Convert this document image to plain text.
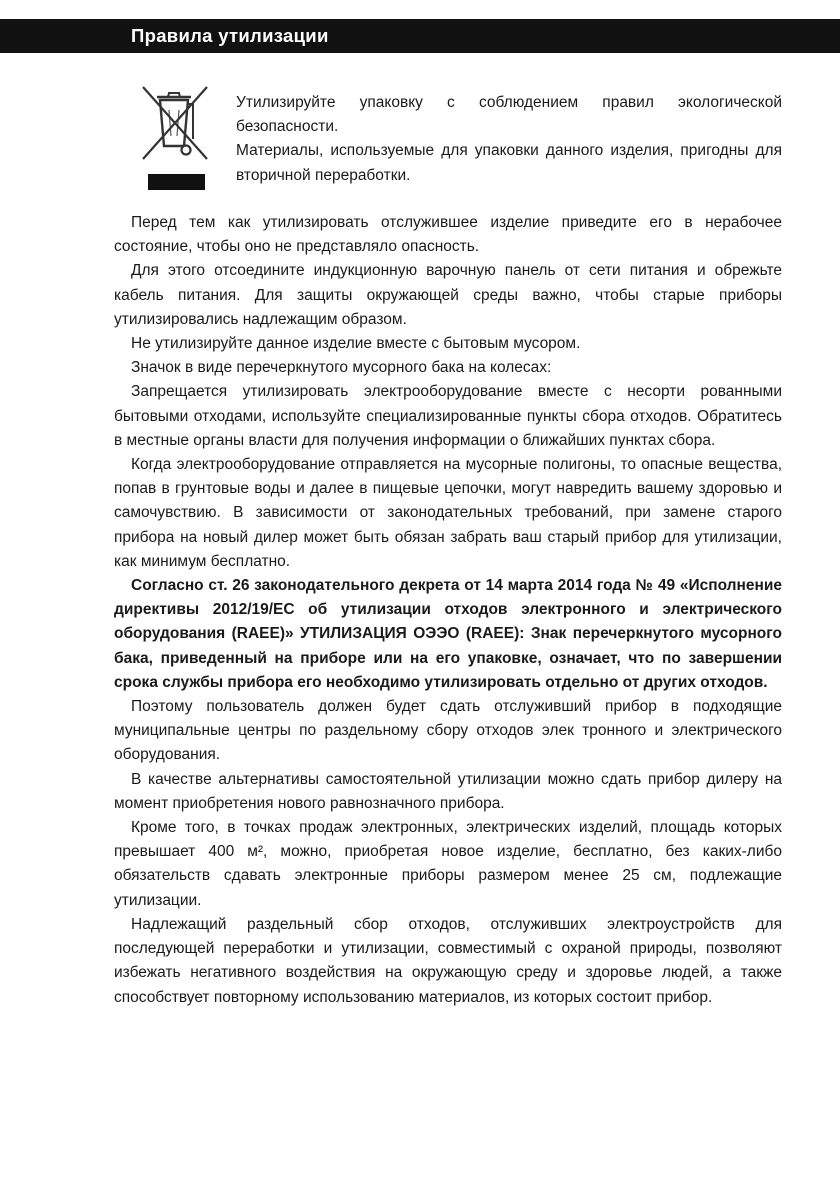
Правила утилизации

Утилизируйте упаковку с соблюдением правил экологической безопасности.

Материалы, используемые для упаковки данного изделия, пригодны для вторичной переработки.

Перед тем как утилизировать отслужившее изделие приведите его в нерабочее состояние, чтобы оно не представляло опасность.

Для этого отсоедините индукционную варочную панель от сети питания и обрежьте кабель питания. Для защиты окружающей среды важно, чтобы старые приборы утилизировались надлежащим образом.

Не утилизируйте данное изделие вместе с бытовым мусором.

Значок в виде перечеркнутого мусорного бака на колесах:

Запрещается утилизировать электрооборудование вместе с несорти рованными бытовыми отходами, используйте специализированные пункты сбора отходов. Обратитесь в местные органы власти для получения информации о ближайших пунктах сбора.

Когда электрооборудование отправляется на мусорные полигоны, то опасные вещества, попав в грунтовые воды и далее в пищевые цепочки, могут навредить вашему здоровью и самочувствию. В зависимости от законодательных требований, при замене старого прибора на новый дилер может быть обязан забрать ваш старый прибор для утилизации, как минимум бесплатно.

Согласно ст. 26 законодательного декрета от 14 марта 2014 года № 49 «Исполнение директивы 2012/19/ЕС об утилизации отходов электронного и электрического оборудования (RAEE)» УТИЛИЗАЦИЯ ОЭЭО (RAEE): Знак перечеркнутого мусорного бака, приведенный на приборе или на его упаковке, означает, что по завершении срока службы прибора его необходимо утилизировать отдельно от других отходов.

Поэтому пользователь должен будет сдать отслуживший прибор в подходящие муниципальные центры по раздельному сбору отходов элек тронного и электрического оборудования.

В качестве альтернативы самостоятельной утилизации можно сдать прибор дилеру на момент приобретения нового равнозначного прибора.

Кроме того, в точках продаж электронных, электрических изделий, площадь которых превышает 400 м², можно, приобретая новое изделие, бесплатно, без каких-либо обязательств сдавать электронные приборы размером менее 25 см, подлежащие утилизации.

Надлежащий раздельный сбор отходов, отслуживших электроустройств для последующей переработки и утилизации, совместимый с охраной природы, позволяют избежать негативного воздействия на окружающую среду и здоровье людей, а также способствует повторному использованию материалов, из которых состоит прибор.
